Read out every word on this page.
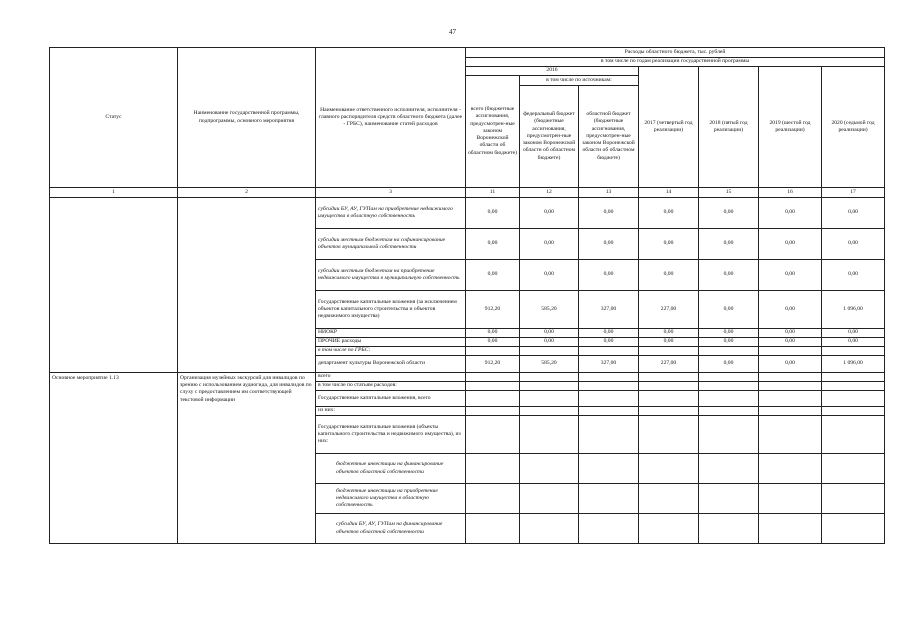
47
Статус	Наименование государственной программы, подпрограммы, основного мероприятия	Наименование ответственного исполнителя, исполнителя - главного распорядителя средств областного бюджета (далее - ГРБС), наименование статей расходов	Расходы областного бюджета, тыс. рублей						
			в том числе по годам реализации государственной программы						
			2016			2017 (четвертый год реализации)	2018 (пятый год реализации)	2019 (шестой год реализации)	2020 (седьмой год реализации)
			всего (бюджетные ассигнования, предусмотрен-ные законом Воронежской области об областном бюджете)	в том числе по источникам:					
				федеральный бюджет (бюджетные ассигнования, предусмотрен-ные законом Воронежской области об областном бюджете)	областной бюджет (бюджетные ассигнования, предусмотрен-ные законом Воронежской области об областном бюджете)				
1	2	3	11	12	13	14	15	16	17
		субсидии БУ, АУ, ГУПам на приобретение недвижимого имущества в областную собственность	0,00	0,00	0,00	0,00	0,00	0,00	0,00
		субсидии местным бюджетам на софинансирование объектов муниципальной собственности	0,00	0,00	0,00	0,00	0,00	0,00	0,00
		субсидии местным бюджетам на приобретение недвижимого имущества в муниципальную собственность	0,00	0,00	0,00	0,00	0,00	0,00	0,00
		Государственные капитальные вложения (за исключением объектов капитального строительства и объектов недвижимого имущества)	912,20	585,20	327,00	227,00	0,00	0,00	1 096,00
		НИОКР	0,00	0,00	0,00	0,00	0,00	0,00	0,00
		ПРОЧИЕ расходы	0,00	0,00	0,00	0,00	0,00	0,00	0,00
		в том числе по ГРБС:							
		департамент культуры Воронежской области	912,20	585,20	327,00	227,00	0,00	0,00	1 096,00
Основное мероприятие 1.13	Организация музейных экскурсий для инвалидов по зрению с использованием аудиогида, для инвалидов по слуху с предоставлением им соответствующей текстовой информации	всего							
		в том числе по статьям расходов:							
		Государственные капитальные вложения, всего							
		из них:							
		Государственные капитальные вложения (объекты капитального строительства и недвижимого имущества), из них:							
		бюджетные инвестиции на финансирование объектов областной собственности							
		бюджетные инвестиции на приобретение недвижимого имущества в областную собственность							
		субсидии БУ, АУ, ГУПам на финансирование объектов областной собственности							
